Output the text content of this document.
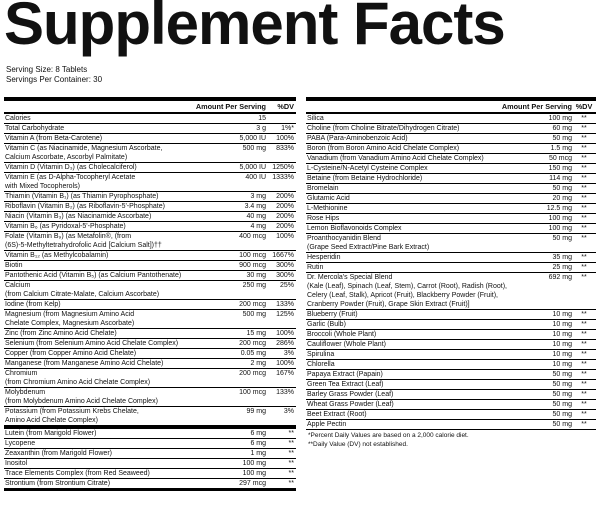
Supplement Facts
Serving Size: 8 Tablets
Servings Per Container: 30
Amount Per Serving	%DV
Calories	15
Total Carbohydrate	3 g	1%*
Vitamin A (from Beta-Carotene)	5,000 IU	100%
Vitamin C (as Niacinamide, Magnesium Ascorbate,
Calcium Ascorbate, Ascorbyl Palmitate)
500 mg	833%
Vitamin D (Vitamin D₃) (as Cholecalciferol)	5,000 IU 1250%
Vitamin E (as D-Alpha-Tocopheryl Acetate
with Mixed Tocopherols)
400 IU 1333%
Thiamin (Vitamin B₁) (as Thiamin Pyrophosphate)	3 mg	200%
Riboflavin (Vitamin B₂) (as Riboflavin-5'-Phosphate)	3.4 mg	200%
Niacin (Vitamin B₃) (as Niacinamide Ascorbate)	40 mg	200%
Vitamin B₆ (as Pyridoxal-5'-Phosphate)	4 mg	200%
Folate (Vitamin B₉) (as Metafolin®, (from
(6S)-5-Methyltetrahydrofolic Acid [Calcium Salt])††
400 mcg	100%
Vitamin B₁₂ (as Methylcobalamin)	100 mcg 1667%
Biotin	900 mcg	300%
Pantothenic Acid (Vitamin B₅) (as Calcium Pantothenate)	30 mg	300%
Calcium
(from Calcium Citrate-Malate, Calcium Ascorbate)
250 mg	25%
Iodine (from Kelp)	200 mcg	133%
Magnesium (from Magnesium Amino Acid
Chelate Complex, Magnesium Ascorbate)
500 mg	125%
Zinc (from Zinc Amino Acid Chelate)	15 mg	100%
Selenium (from Selenium Amino Acid Chelate Complex)	200 mcg	286%
Copper (from Copper Amino Acid Chelate)	0.05 mg	3%
Manganese (from Manganese Amino Acid Chelate)	2 mg	100%
Chromium
(from Chromium Amino Acid Chelate Complex)
200 mcg	167%
Molybdenum
(from Molybdenum Amino Acid Chelate Complex)
100 mcg	133%
Potassium (from Potassium Krebs Chelate,
Amino Acid Chelate Complex)
99 mg	3%
Lutein (from Marigold Flower)	6 mg	**
Lycopene	6 mg	**
Zeaxanthin (from Marigold Flower)	1 mg	**
Inositol	100 mg	**
Trace Elements Complex (from Red Seaweed)	100 mg	**
Strontium (from Strontium Citrate)	297 mcg	**
Amount Per Serving %DV
Silica	100 mg	**
Choline (from Choline Bitrate/Dihydrogen Citrate)	60 mg	**
PABA (Para-Aminobenzoic Acid)	50 mg	**
Boron (from Boron Amino Acid Chelate Complex)	1.5 mg	**
Vanadium (from Vanadium Amino Acid Chelate Complex)	50 mcg	**
L-Cysteine/N-Acetyl Cysteine Complex	150 mg	**
Betaine (from Betaine Hydrochloride)	114 mg	**
Bromelain	50 mg	**
Glutamic Acid	20 mg	**
L-Methionine	12.5 mg	**
Rose Hips	100 mg	**
Lemon Bioflavonoids Complex	100 mg	**
Proanthocyanidin Blend
(Grape Seed Extract/Pine Bark Extract)
50 mg	**
Hesperidin	35 mg	**
Rutin	25 mg	**
Dr. Mercola's Special Blend
(Kale (Leaf), Spinach (Leaf, Stem), Carrot (Root), Radish (Root),
Celery (Leaf, Stalk), Apricot (Fruit), Blackberry Powder (Fruit),
Cranberry Powder (Fruit), Grape Skin Extract (Fruit)]
692 mg	**
Blueberry (Fruit)	10 mg	**
Garlic (Bulb)	10 mg	**
Broccoli (Whole Plant)	10 mg	**
Cauliflower (Whole Plant)	10 mg	**
Spirulina	10 mg	**
Chlorella	10 mg	**
Papaya Extract (Papain)	50 mg	**
Green Tea Extract (Leaf)	50 mg	**
Barley Grass Powder (Leaf)	50 mg	**
Wheat Grass Powder (Leaf)	50 mg	**
Beet Extract (Root)	50 mg	**
Apple Pectin	50 mg	**
*Percent Daily Values are based on a 2,000 calorie diet.
**Daily Value (DV) not established.
